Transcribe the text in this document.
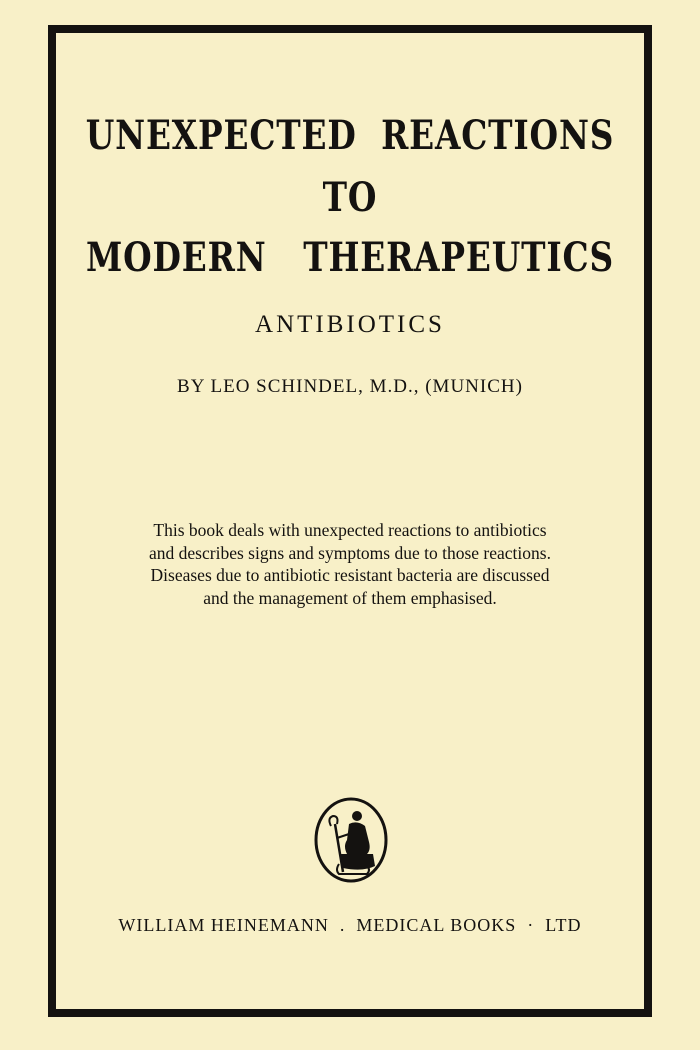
UNEXPECTED  REACTIONS
TO
MODERN   THERAPEUTICS
ANTIBIOTICS
BY LEO SCHINDEL, M.D., (MUNICH)
This book deals with unexpected reactions to antibiotics
and describes signs and symptoms due to those reactions.
Diseases due to antibiotic resistant bacteria are discussed
and the management of them emphasised.
WILLIAM HEINEMANN  .  MEDICAL BOOKS  ·  LTD
